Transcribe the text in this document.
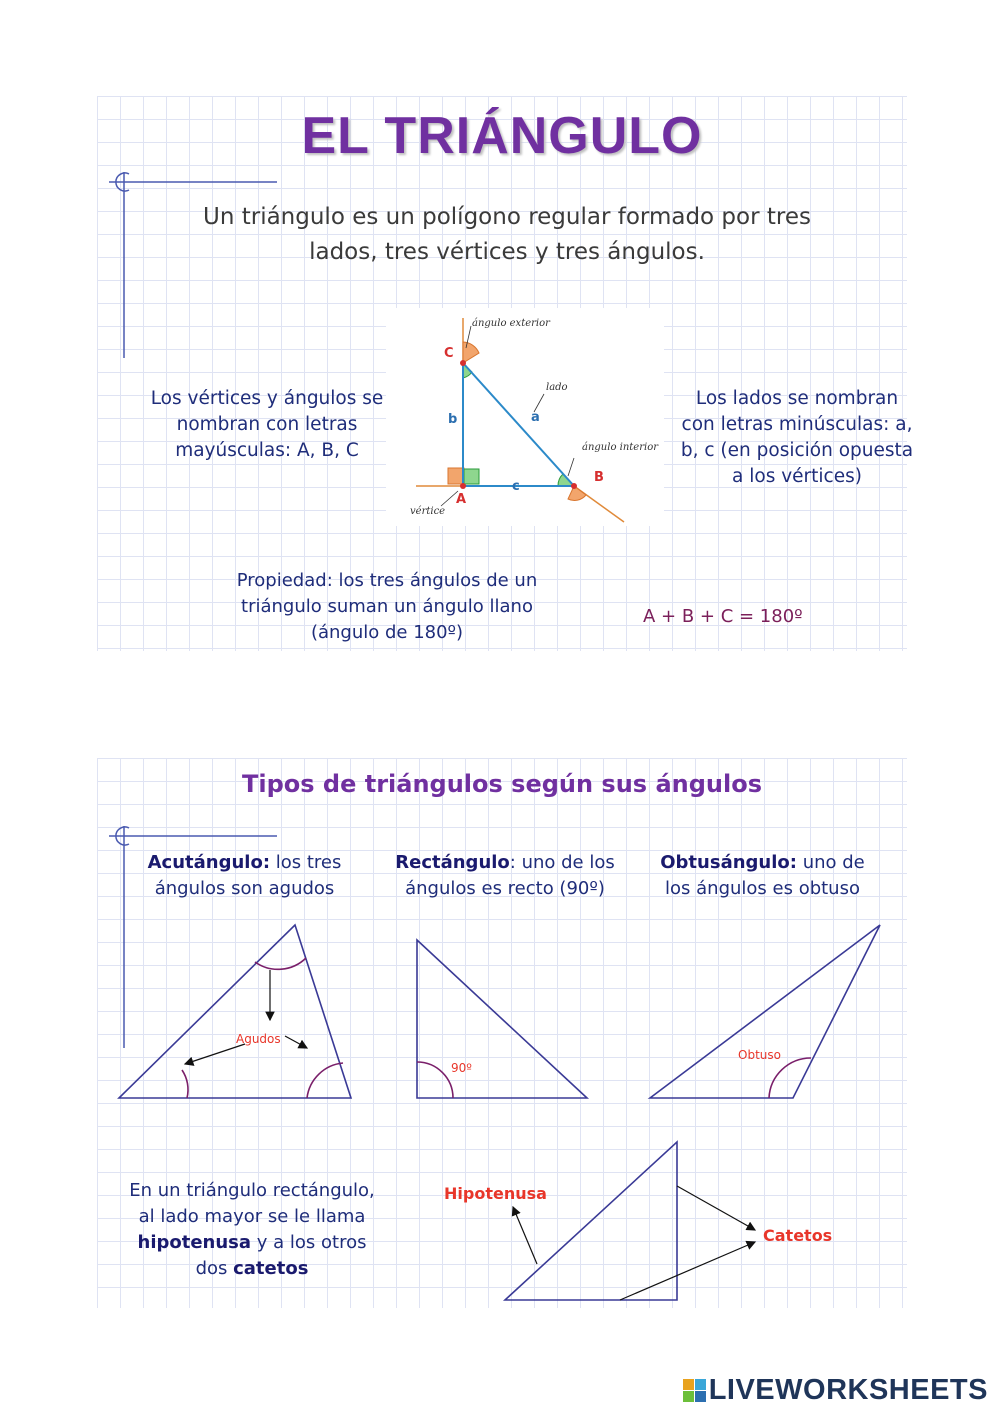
EL TRIÁNGULO
Un triángulo es un polígono regular formado por tres lados, tres vértices y tres ángulos.
Los vértices y ángulos se nombran con letras mayúsculas: A, B, C
Los lados se nombran con letras minúsculas: a, b, c (en posición opuesta a los vértices)
ángulo exterior
ángulo interior
lado
vértice
A
B
C
a
b
c
Propiedad: los tres ángulos de un triángulo suman un ángulo llano (ángulo de 180º)
A + B + C = 180º
Tipos de triángulos según sus ángulos
Acutángulo: los tres ángulos son agudos
Rectángulo: uno de los ángulos es recto (90º)
Obtusángulo: uno de los ángulos es obtuso
Agudos
90º
Obtuso
En un triángulo rectángulo, al lado mayor se le llama hipotenusa y a los otros dos catetos
Hipotenusa
Catetos
LIVEWORKSHEETS
